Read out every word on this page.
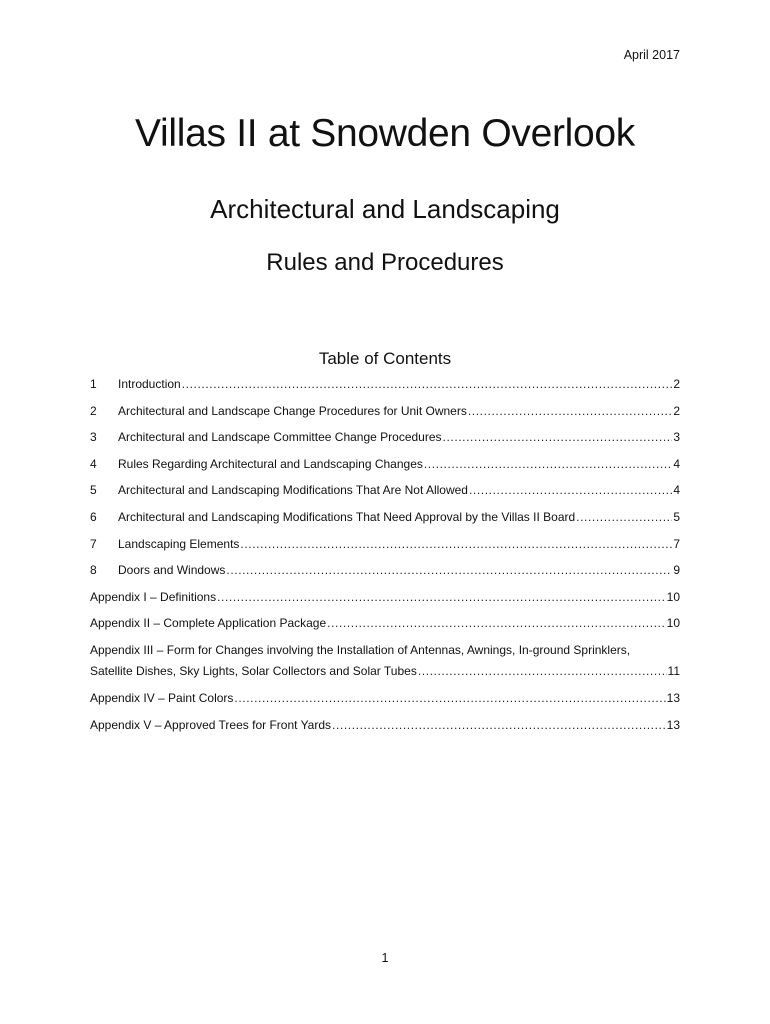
April 2017
Villas II at Snowden Overlook
Architectural and Landscaping
Rules and Procedures
Table of Contents
1	Introduction .....	2
2	Architectural and Landscape Change Procedures for Unit Owners .....	2
3	Architectural and Landscape Committee Change Procedures .....	3
4	Rules Regarding Architectural and Landscaping Changes .....	4
5	Architectural and Landscaping Modifications That Are Not Allowed .....	4
6	Architectural and Landscaping Modifications That Need Approval by the Villas II Board .....	5
7	Landscaping Elements .....	7
8	Doors and Windows .....	9
Appendix I – Definitions .....	10
Appendix II – Complete Application Package .....	10
Appendix III – Form for Changes involving the Installation of Antennas, Awnings, In-ground Sprinklers,
Satellite Dishes, Sky Lights, Solar Collectors and Solar Tubes .....	11
Appendix IV – Paint Colors .....	13
Appendix V – Approved Trees for Front Yards .....	13
1
